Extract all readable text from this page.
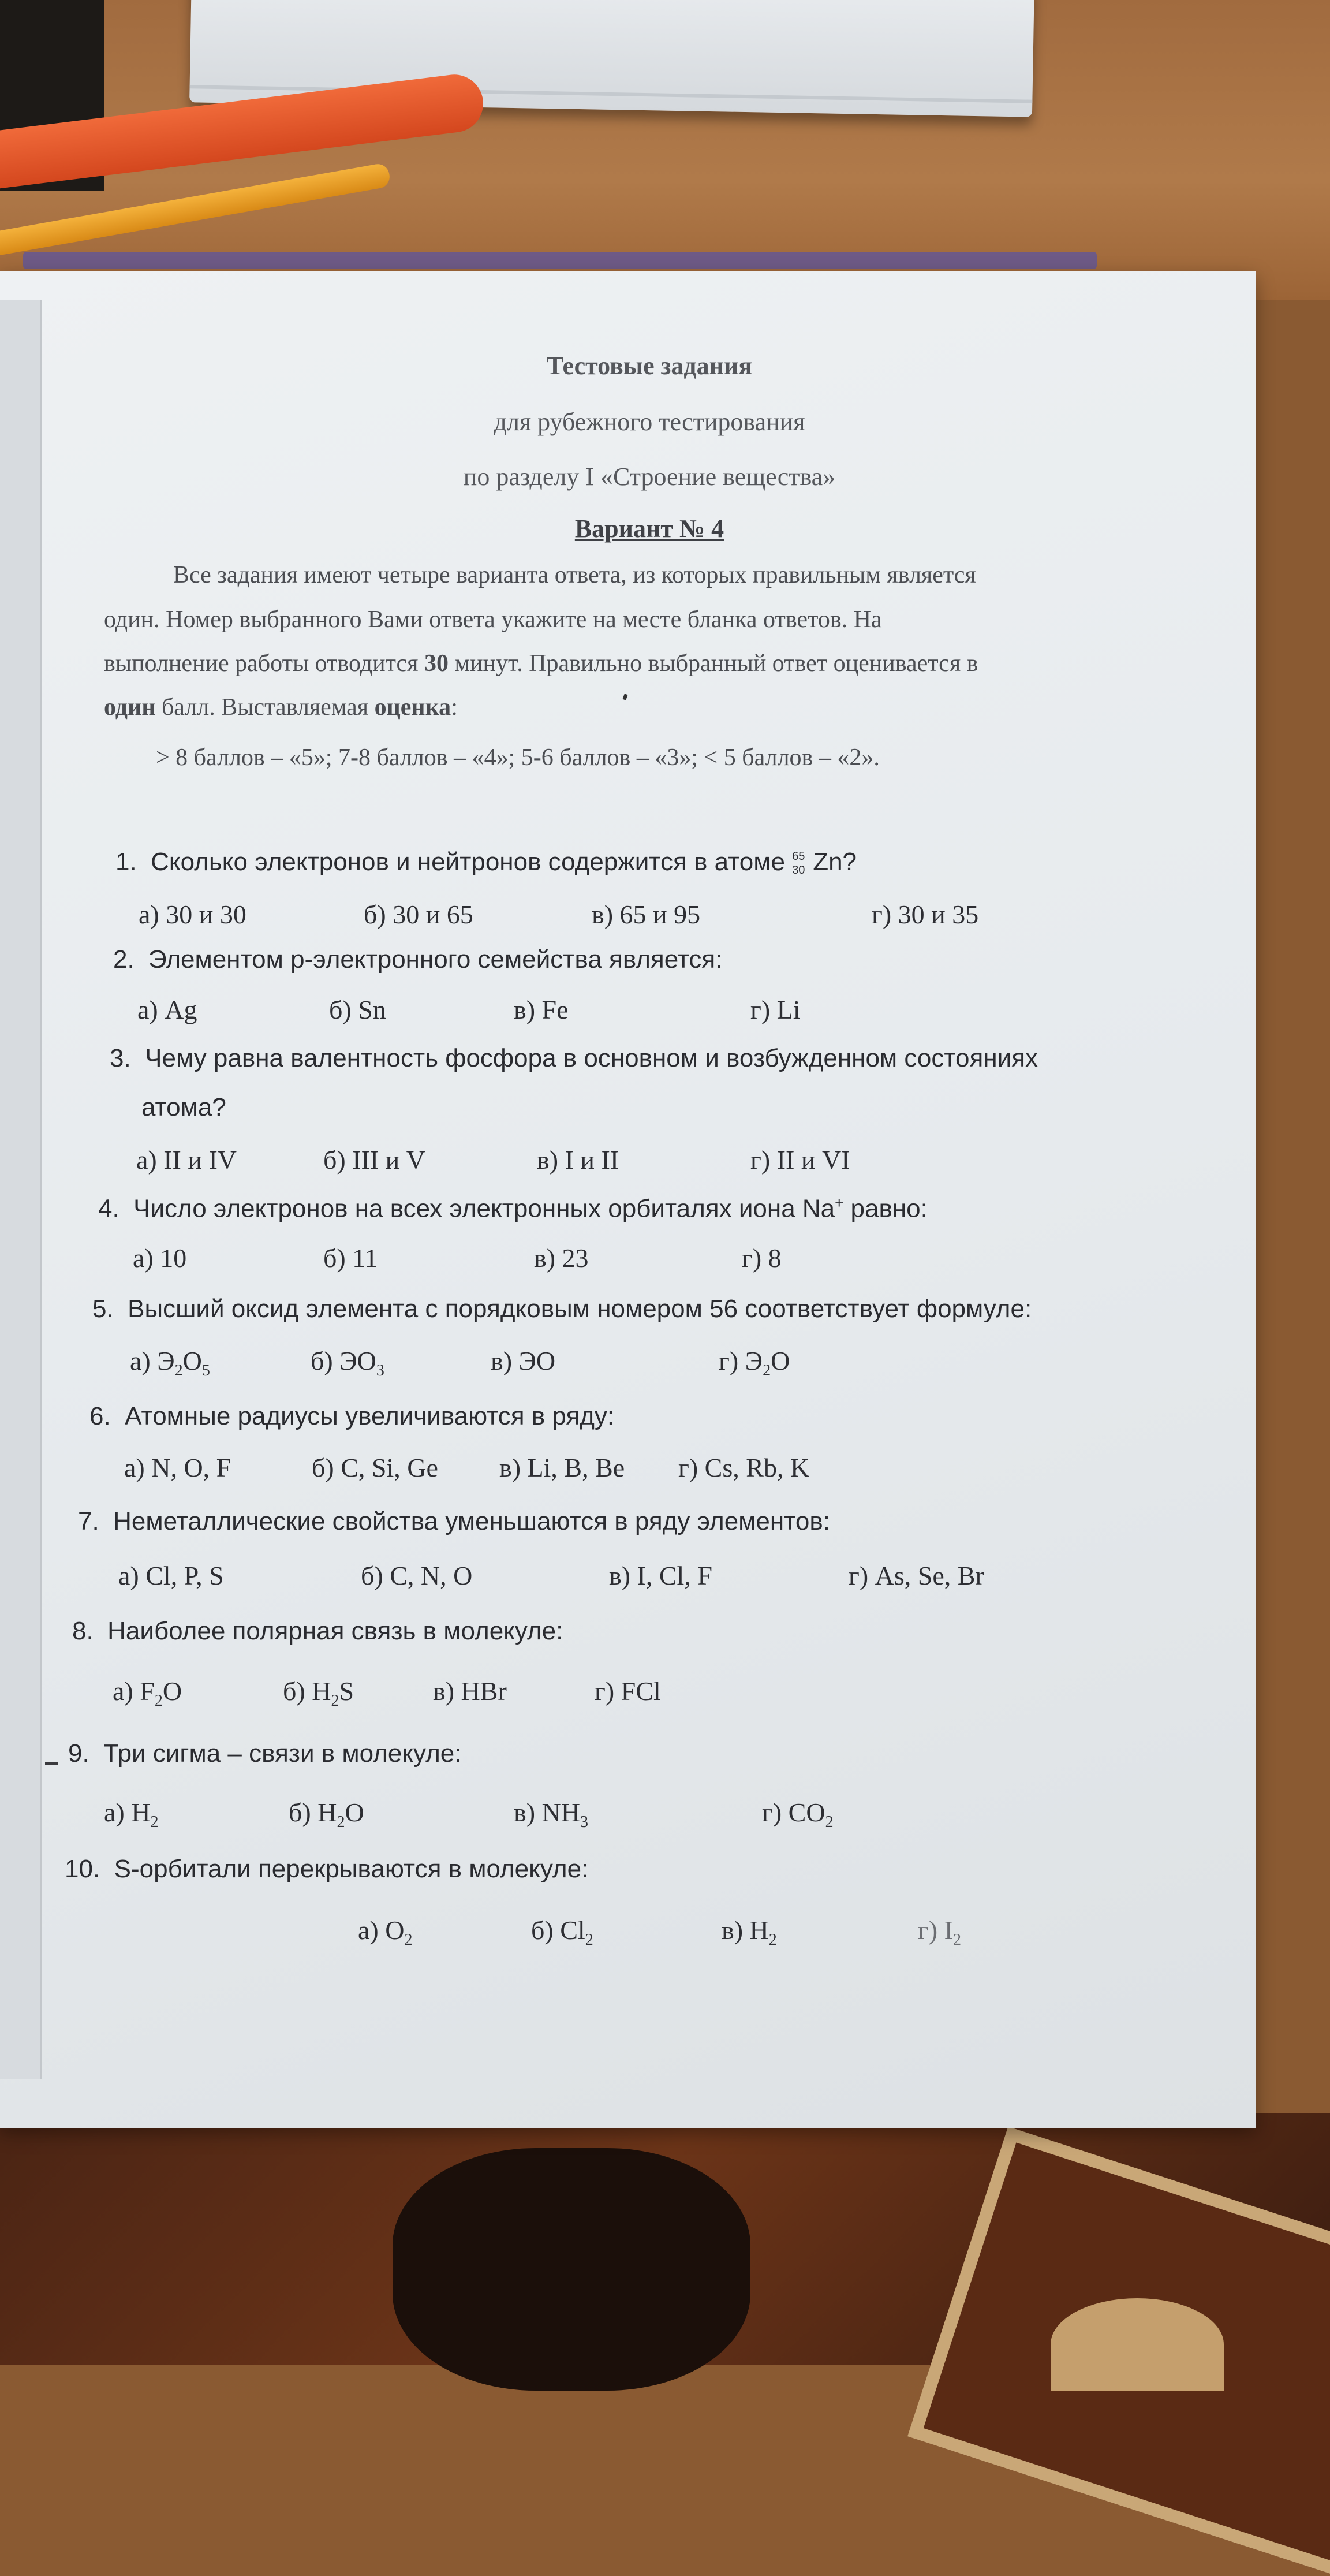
Тестовые задания
для рубежного тестирования
по разделу I «Строение вещества»
Вариант № 4
Все задания имеют четыре варианта ответа, из которых правильным является
один. Номер выбранного Вами ответа укажите на месте бланка ответов. На
выполнение работы отводится 30 минут. Правильно выбранный ответ оценивается в
один балл. Выставляемая оценка:
> 8 баллов – «5»; 7-8 баллов – «4»; 5-6 баллов – «3»; < 5 баллов – «2».
1. Сколько электронов и нейтронов содержится в атоме 65
30 Zn?
а) 30 и 30	б) 30 и 65	в) 65 и 95	г) 30 и 35
2. Элементом p-электронного семейства является:
а) Ag	б) Sn	в) Fe	г) Li
3. Чему равна валентность фосфора в основном и возбужденном состояниях
атома?
а) II и IV	б) III и V	в) I и II	г) II и VI
4. Число электронов на всех электронных орбиталях иона Na+ равно:
а) 10	б) 11	в) 23	г) 8
5. Высший оксид элемента с порядковым номером 56 соответствует формуле:
а) $Э_2O_5$	б) $ЭO_3$	в) ЭO	г) $Э_2O$
6. Атомные радиусы увеличиваются в ряду:
а) N, O, F	б) C, Si, Ge в) Li, B, Be г) Cs, Rb, K
7. Неметаллические свойства уменьшаются в ряду элементов:
а) Cl, P, S	б) C, N, O	в) I, Cl, F	г) As, Se, Br
8. Наиболее полярная связь в молекуле:
а) $F_2O$	б) $H_2S$	в) HBr	г) FCl
9. Три сигма – связи в молекуле:
а) $H_2$	б) $H_2O$	в) $NH_3$	г) $CO_2$
10. S-орбитали перекрываются в молекуле:
а) $O_2$	б) $Cl_2$	в) $H_2$	г) $I_2$
